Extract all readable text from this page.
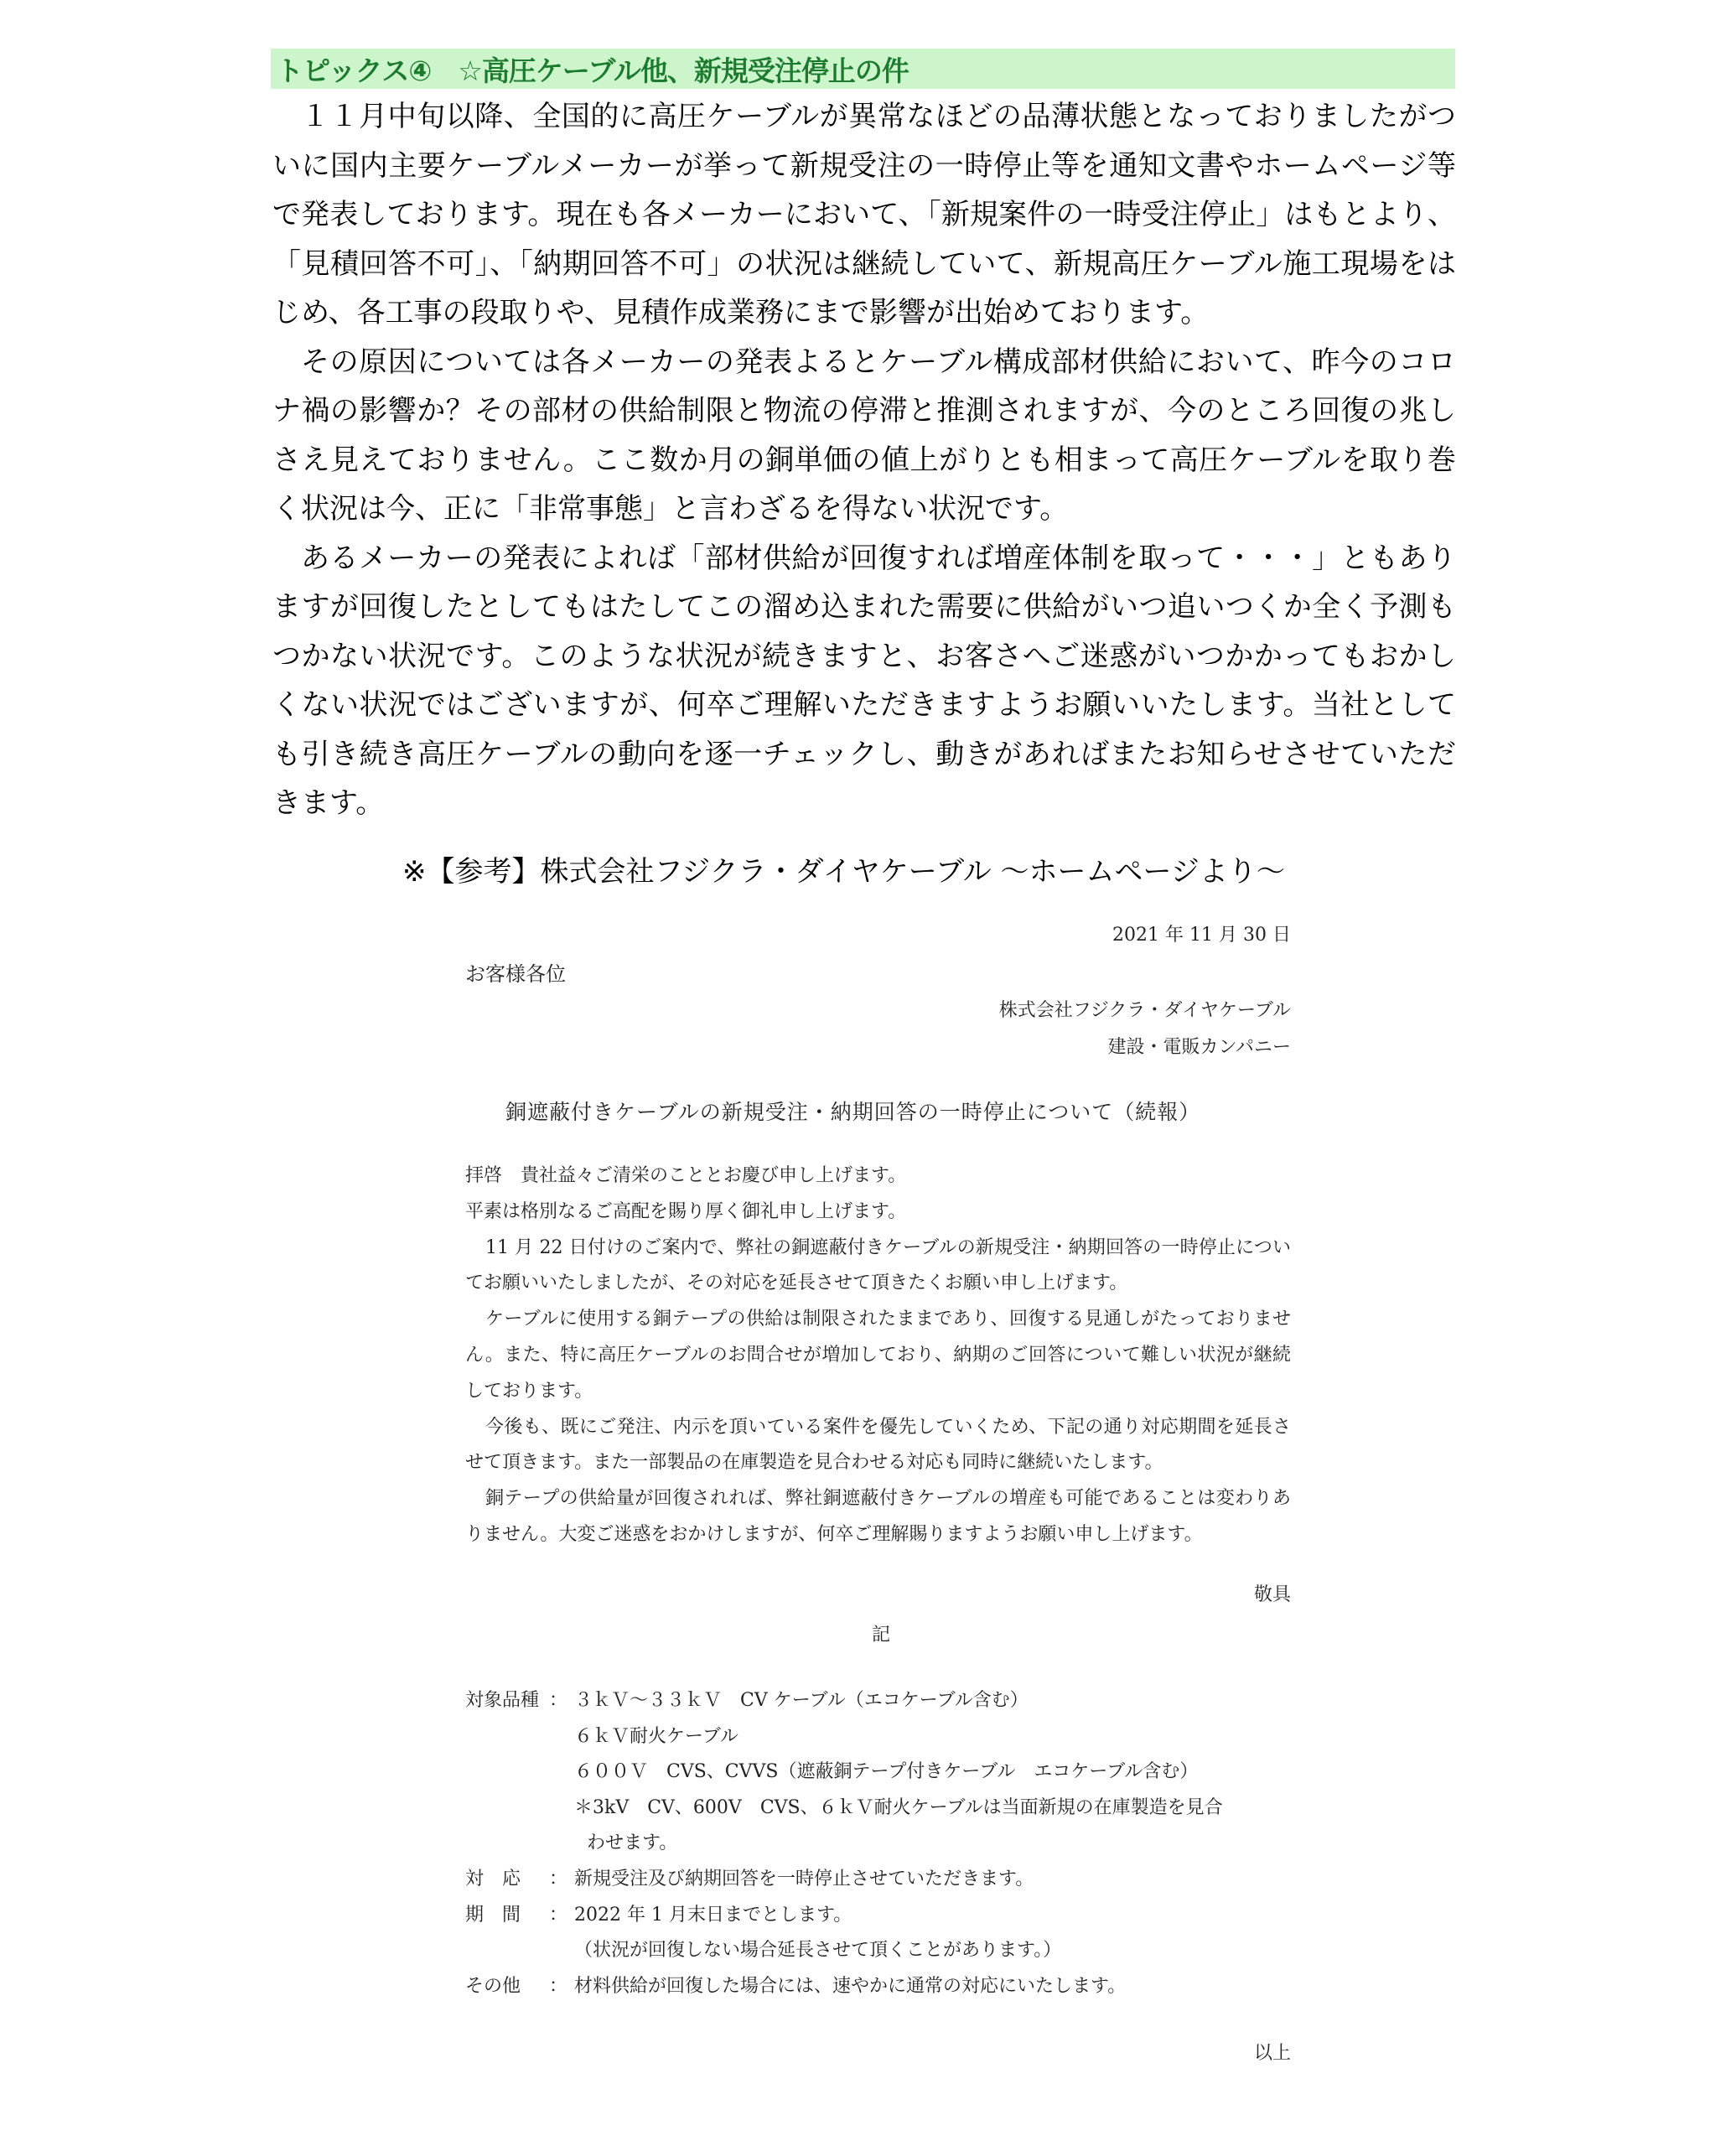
トピックス④　☆高圧ケーブル他、新規受注停止の件

１１月中旬以降、全国的に高圧ケーブルが異常なほどの品薄状態となっておりましたがついに国内主要ケーブルメーカーが挙って新規受注の一時停止等を通知文書やホームページ等で発表しております。現在も各メーカーにおいて、「新規案件の一時受注停止」はもとより、「見積回答不可」、「納期回答不可」の状況は継続していて、新規高圧ケーブル施工現場をはじめ、各工事の段取りや、見積作成業務にまで影響が出始めております。

その原因については各メーカーの発表よるとケーブル構成部材供給において、昨今のコロナ禍の影響か？その部材の供給制限と物流の停滞と推測されますが、今のところ回復の兆しさえ見えておりません。ここ数か月の銅単価の値上がりとも相まって高圧ケーブルを取り巻く状況は今、正に「非常事態」と言わざるを得ない状況です。

あるメーカーの発表によれば「部材供給が回復すれば増産体制を取って・・・」ともありますが回復したとしてもはたしてこの溜め込まれた需要に供給がいつ追いつくか全く予測もつかない状況です。このような状況が続きますと、お客さへご迷惑がいつかかってもおかしくない状況ではございますが、何卒ご理解いただきますようお願いいたします。当社としても引き続き高圧ケーブルの動向を逐一チェックし、動きがあればまたお知らせさせていただきます。

※【参考】株式会社フジクラ・ダイヤケーブル ～ホームページより～
2021 年 11 月 30 日
お客様各位
株式会社フジクラ・ダイヤケーブル
建設・電販カンパニー
銅遮蔽付きケーブルの新規受注・納期回答の一時停止について（続報）

拝啓　貴社益々ご清栄のこととお慶び申し上げます。

平素は格別なるご高配を賜り厚く御礼申し上げます。

11 月 22 日付けのご案内で、弊社の銅遮蔽付きケーブルの新規受注・納期回答の一時停止についてお願いいたしましたが、その対応を延長させて頂きたくお願い申し上げます。

ケーブルに使用する銅テープの供給は制限されたままであり、回復する見通しがたっておりません。また、特に高圧ケーブルのお問合せが増加しており、納期のご回答について難しい状況が継続しております。

今後も、既にご発注、内示を頂いている案件を優先していくため、下記の通り対応期間を延長させて頂きます。また一部製品の在庫製造を見合わせる対応も同時に継続いたします。

銅テープの供給量が回復されれば、弊社銅遮蔽付きケーブルの増産も可能であることは変わりありません。大変ご迷惑をおかけしますが、何卒ご理解賜りますようお願い申し上げます。

敬具
記
対象品種 ： ３ｋＶ～３３ｋＶ　CV ケーブル（エコケーブル含む）
６ｋＶ耐火ケーブル
６００Ｖ　CVS、CVVS（遮蔽銅テープ付きケーブル　エコケーブル含む）
＊3kV　CV、600V　CVS、６ｋＶ耐火ケーブルは当面新規の在庫製造を見合
わせます。
対　応	： 新規受注及び納期回答を一時停止させていただきます。
期　間	： 2022 年 1 月末日までとします。
（状況が回復しない場合延長させて頂くことがあります。）
その他	： 材料供給が回復した場合には、速やかに通常の対応にいたします。
以上
